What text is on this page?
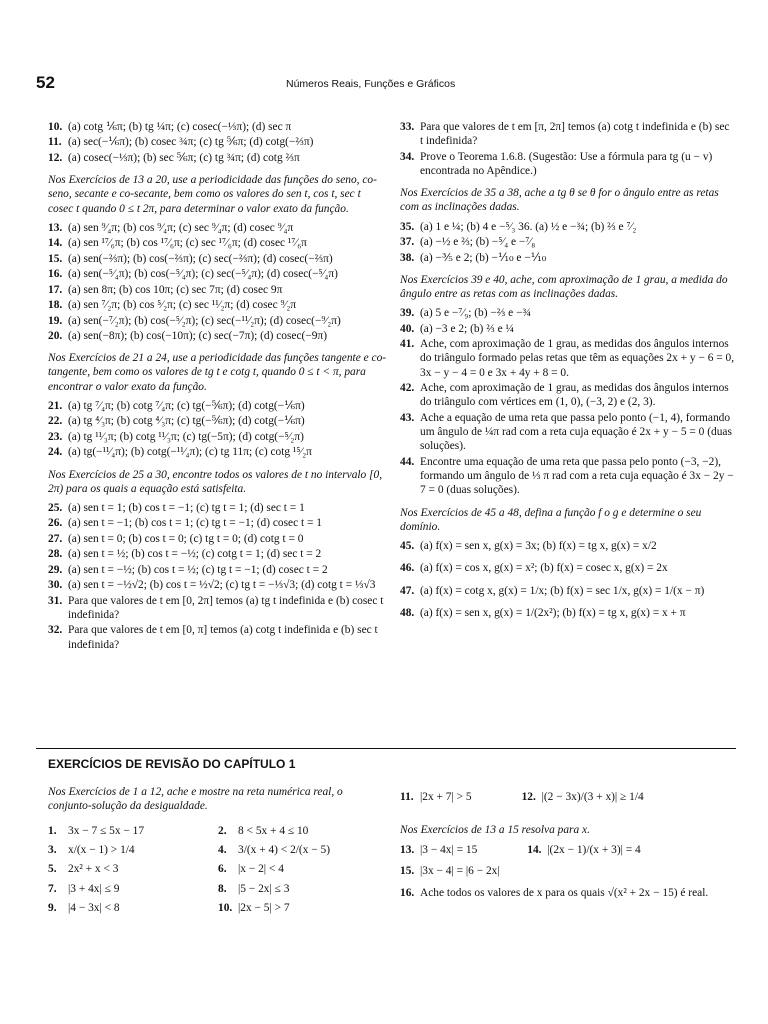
52	Números Reais, Funções e Gráficos
10. (a) cotg ⅙π; (b) tg ¼π; (c) cosec(−⅓π); (d) sec π
11. (a) sec(−⅙π); (b) cosec ¾π; (c) tg ⅚π; (d) cotg(−⅔π)
12. (a) cosec(−⅓π); (b) sec ⅚π; (c) tg ¾π; (d) cotg ⅔π
Nos Exercícios de 13 a 20, use a periodicidade das funções do seno, co-seno, secante e co-secante, bem como os valores do sen t, cos t, sec t cosec t quando 0 ≤ t 2π, para determinar o valor exato da função.
13. (a) sen ⁹⁄₄π; (b) cos ⁹⁄₄π; (c) sec ⁹⁄₄π; (d) cosec ⁹⁄₄π
14. (a) sen ¹⁷⁄₆π; (b) cos ¹⁷⁄₆π; (c) sec ¹⁷⁄₆π; (d) cosec ¹⁷⁄₆π
15. (a) sen(−⅔π); (b) cos(−⅔π); (c) sec(−⅔π); (d) cosec(−⅔π)
16. (a) sen(−⁵⁄₄π); (b) cos(−⁵⁄₄π); (c) sec(−⁵⁄₄π); (d) cosec(−⁵⁄₄π)
17. (a) sen 8π; (b) cos 10π; (c) sec 7π; (d) cosec 9π
18. (a) sen ⁷⁄₂π; (b) cos ⁵⁄₂π; (c) sec ¹¹⁄₂π; (d) cosec ⁹⁄₂π
19. (a) sen(−⁷⁄₂π); (b) cos(−⁵⁄₂π); (c) sec(−¹¹⁄₂π); (d) cosec(−⁹⁄₂π)
20. (a) sen(−8π); (b) cos(−10π); (c) sec(−7π); (d) cosec(−9π)
Nos Exercícios de 21 a 24, use a periodicidade das funções tangente e co-tangente, bem como os valores de tg t e cotg t, quando 0 ≤ t < π, para encontrar o valor exato da função.
21. (a) tg ⁷⁄₄π; (b) cotg ⁷⁄₄π; (c) tg(−⅚π); (d) cotg(−⅙π)
22. (a) tg ⁴⁄₃π; (b) cotg ⁴⁄₃π; (c) tg(−⅚π); (d) cotg(−⅙π)
23. (a) tg ¹¹⁄₃π; (b) cotg ¹¹⁄₃π; (c) tg(−5π); (d) cotg(−⁵⁄₂π)
24. (a) tg(−¹¹⁄₄π); (b) cotg(−¹¹⁄₄π); (c) tg 11π; (c) cotg ¹⁵⁄₂π
Nos Exercícios de 25 a 30, encontre todos os valores de t no intervalo [0, 2π) para os quais a equação está satisfeita.
25. (a) sen t = 1; (b) cos t = −1; (c) tg t = 1; (d) sec t = 1
26. (a) sen t = −1; (b) cos t = 1; (c) tg t = −1; (d) cosec t = 1
27. (a) sen t = 0; (b) cos t = 0; (c) tg t = 0; (d) cotg t = 0
28. (a) sen t = ½; (b) cos t = −½; (c) cotg t = 1; (d) sec t = 2
29. (a) sen t = −½; (b) cos t = ½; (c) tg t = −1; (d) cosec t = 2
30. (a) sen t = −½√2; (b) cos t = ½√2; (c) tg t = −⅓√3; (d) cotg t = ⅓√3
31. Para que valores de t em [0, 2π] temos (a) tg t indefinida e (b) cosec t indefinida?
32. Para que valores de t em [0, π] temos (a) cotg t indefinida e (b) sec t indefinida?
33. Para que valores de t em [π, 2π] temos (a) cotg t indefinida e (b) sec t indefinida?
34. Prove o Teorema 1.6.8. (Sugestão: Use a fórmula para tg (u − v) encontrada no Apêndice.)
Nos Exercícios de 35 a 38, ache a tg θ se θ for o ângulo entre as retas com as inclinações dadas.
35. (a) 1 e ¼; (b) 4 e −⁵⁄₃ 36. (a) ½ e −¾; (b) ⅔ e ⁷⁄₂
37. (a) −½ e ⅔; (b) −⁵⁄₄ e −⁷⁄₈
38. (a) −⅗ e 2; (b) −⅒ e −⅒
Nos Exercícios 39 e 40, ache, com aproximação de 1 grau, a medida do ângulo entre as retas com as inclinações dadas.
39. (a) 5 e −⁷⁄₉; (b) −⅔ e −¾
40. (a) −3 e 2; (b) ⅔ e ¼
41. Ache, com aproximação de 1 grau, as medidas dos ângulos internos do triângulo formado pelas retas que têm as equações 2x + y − 6 = 0, 3x − y − 4 = 0 e 3x + 4y + 8 = 0.
42. Ache, com aproximação de 1 grau, as medidas dos ângulos internos do triângulo com vértices em (1, 0), (−3, 2) e (2, 3).
43. Ache a equação de uma reta que passa pelo ponto (−1, 4), formando um ângulo de ¼π rad com a reta cuja equação é 2x + y − 5 = 0 (duas soluções).
44. Encontre uma equação de uma reta que passa pelo ponto (−3, −2), formando um ângulo de ⅓ π rad com a reta cuja equação é 3x − 2y − 7 = 0 (duas soluções).
Nos Exercícios de 45 a 48, defina a função f o g e determine o seu domínio.
45. (a) f(x) = sen x, g(x) = 3x; (b) f(x) = tg x, g(x) = x/2
46. (a) f(x) = cos x, g(x) = x²; (b) f(x) = cosec x, g(x) = 2x
47. (a) f(x) = cotg x, g(x) = 1/x; (b) f(x) = sec 1/x, g(x) = 1/(x − π)
48. (a) f(x) = sen x, g(x) = 1/(2x²); (b) f(x) = tg x, g(x) = x + π
EXERCÍCIOS DE REVISÃO DO CAPÍTULO 1
Nos Exercícios de 1 a 12, ache e mostre na reta numérica real, o conjunto-solução da desigualdade.
1.	3x − 7 ≤ 5x − 17	2.	8 < 5x + 4 ≤ 10
3.	x/(x − 1) > 1/4	4.	3/(x + 4) < 2/(x − 5)
5.	2x² + x < 3	6.	|x − 2| < 4
7.	|3 + 4x| ≤ 9	8.	|5 − 2x| ≤ 3
9.	|4 − 3x| < 8	10. |2x − 5| > 7
11. |2x + 7| > 5	12. |(2 − 3x)/(3 + x)| ≥ 1/4
Nos Exercícios de 13 a 15 resolva para x.
13. |3 − 4x| = 15	14. |(2x − 1)/(x + 3)| = 4
15. |3x − 4| = |6 − 2x|
16. Ache todos os valores de x para os quais √(x² + 2x − 15) é real.
